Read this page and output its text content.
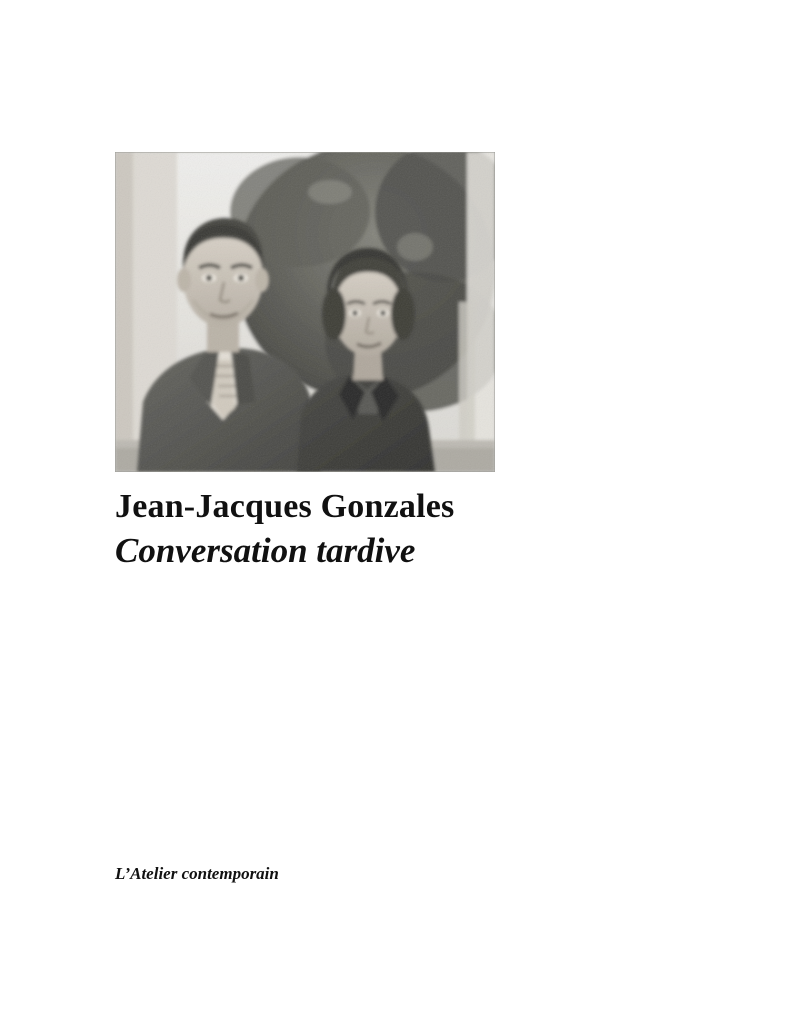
Jean-Jacques Gonzales
Conversation tardive
L’Atelier contemporain
